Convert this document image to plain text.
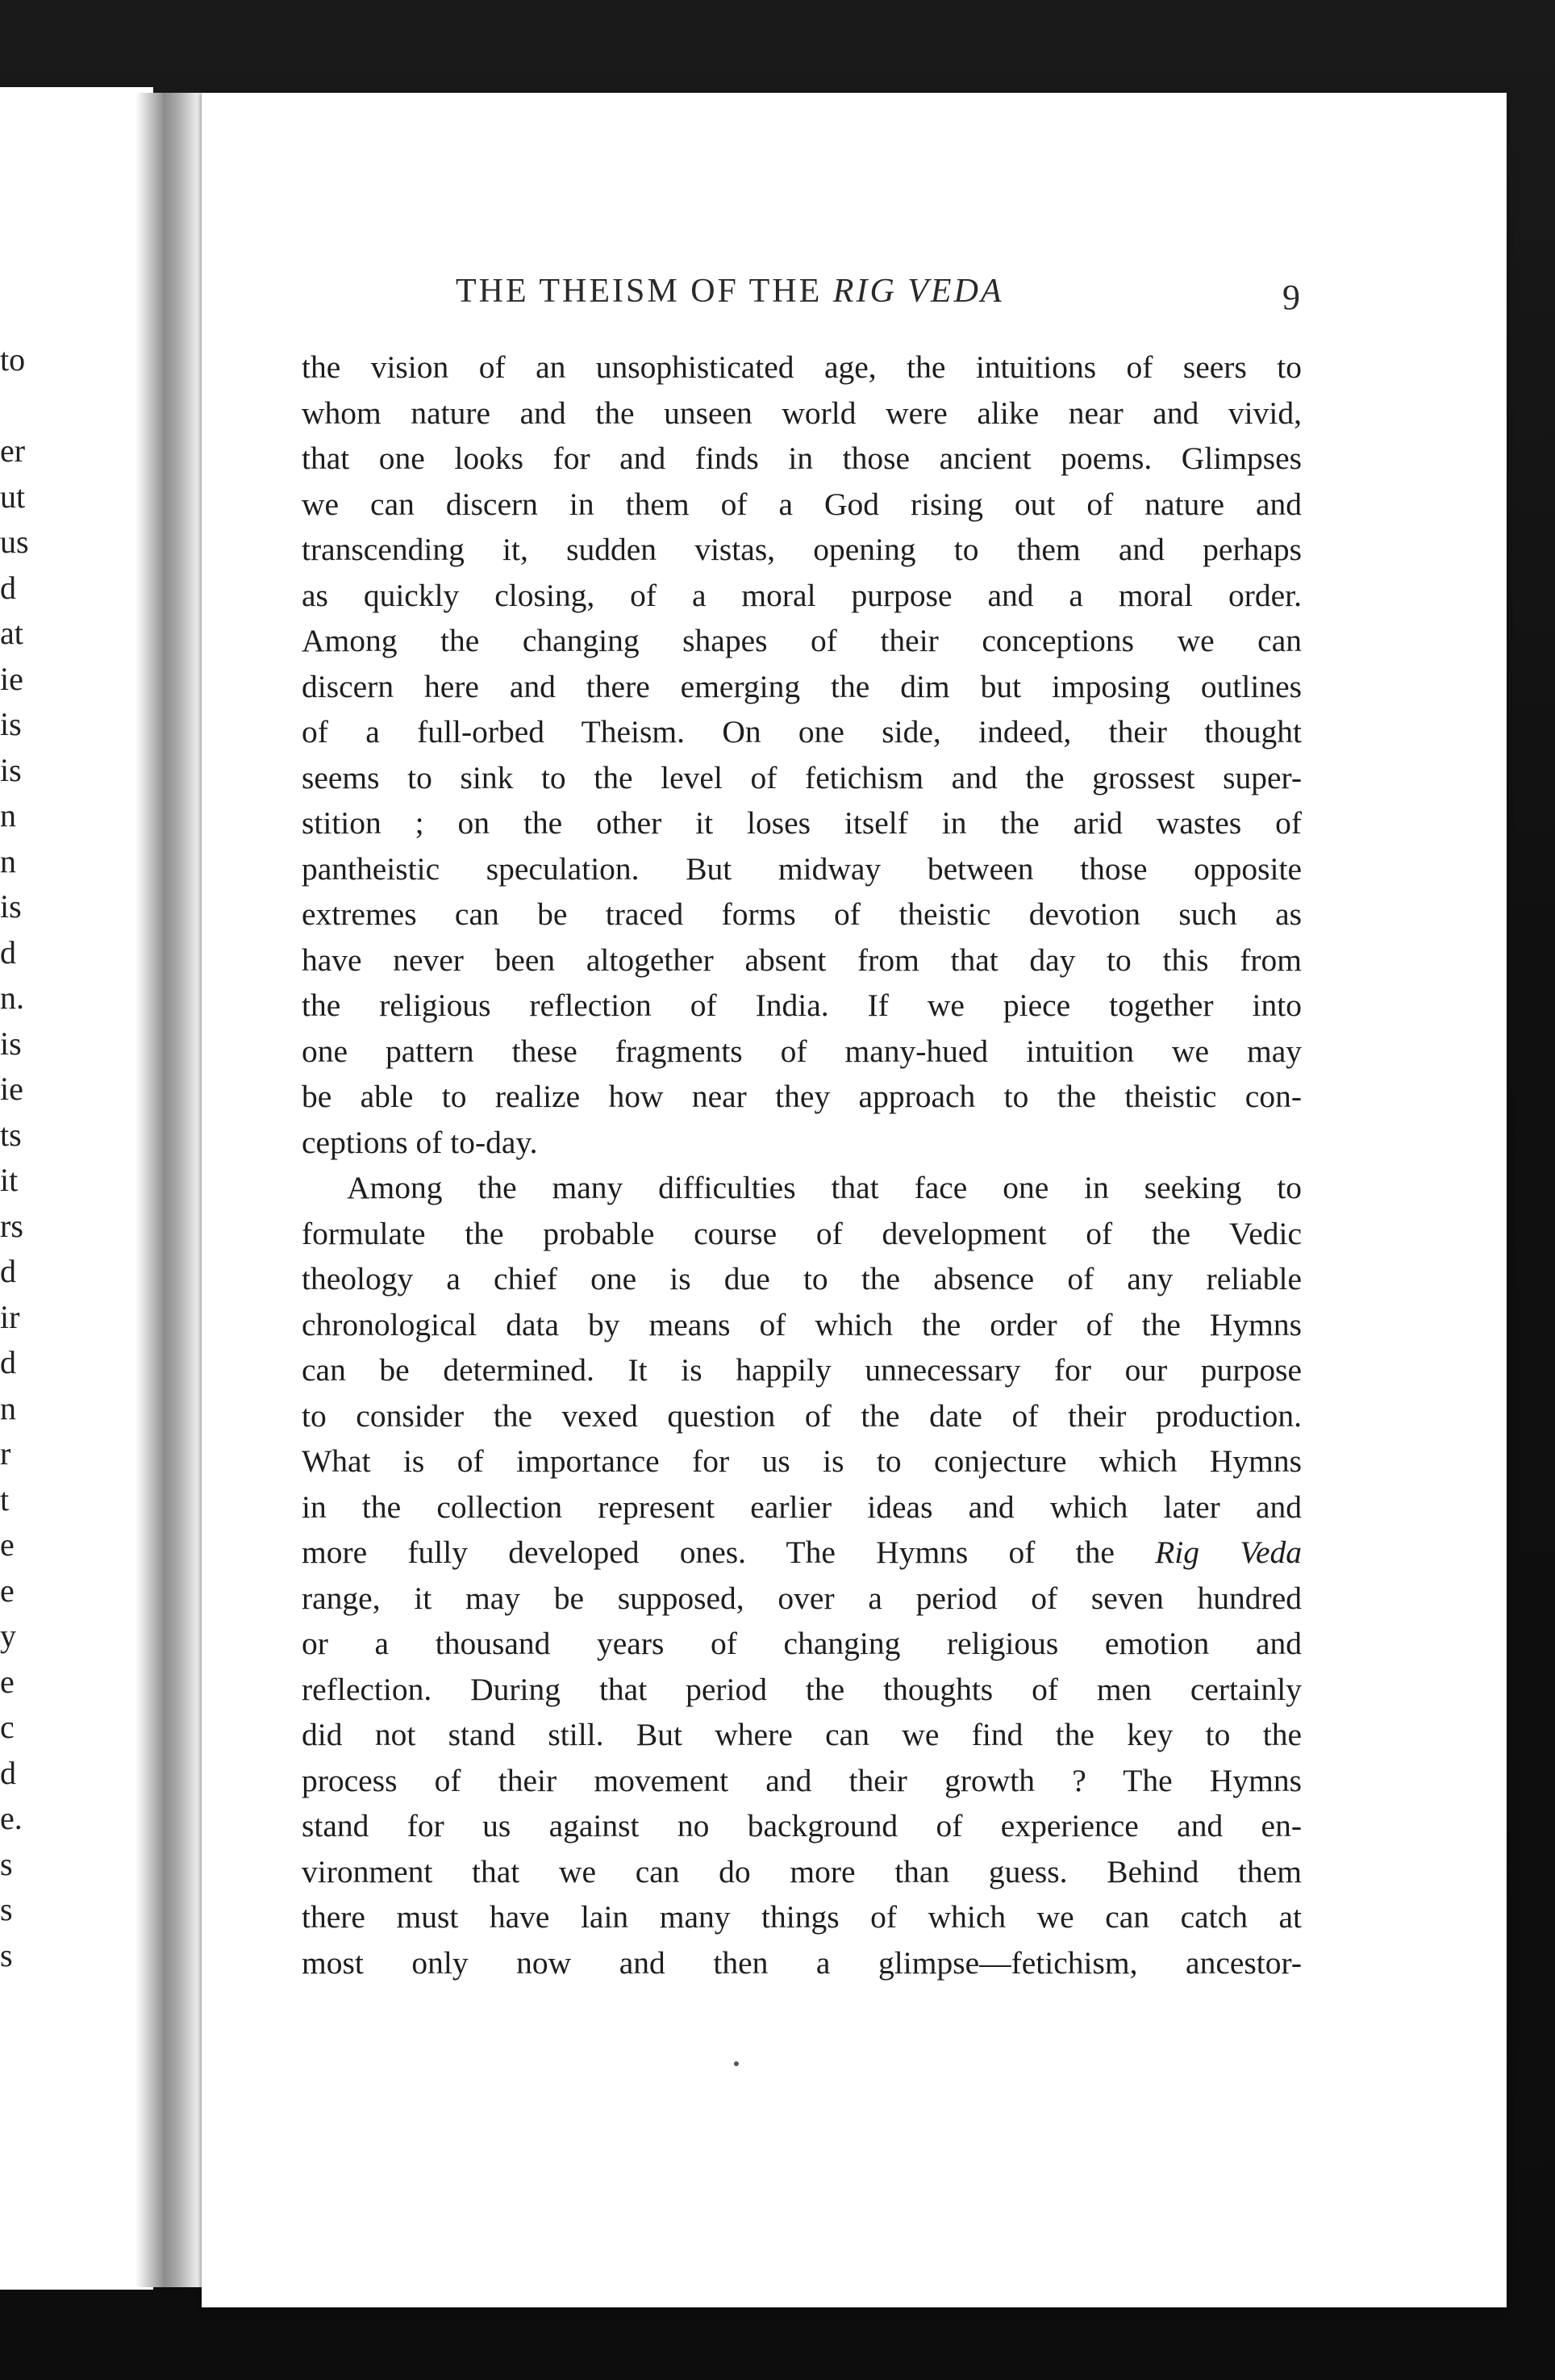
to
er
ut
us
d
at
ie
is
is
n
n
is
d
n.
is
ie
ts
it
rs
d
ir
d
n
r
t
e
e
y
e
c
d
e.
s
s
s
THE THEISM OF THE RIG VEDA	9
the vision of an unsophisticated age, the intuitions of seers to
whom nature and the unseen world were alike near and vivid,
that one looks for and finds in those ancient poems. Glimpses
we can discern in them of a God rising out of nature and
transcending it, sudden vistas, opening to them and perhaps
as quickly closing, of a moral purpose and a moral order.
Among the changing shapes of their conceptions we can
discern here and there emerging the dim but imposing outlines
of a full-orbed Theism. On one side, indeed, their thought
seems to sink to the level of fetichism and the grossest super-
stition ; on the other it loses itself in the arid wastes of
pantheistic speculation. But midway between those opposite
extremes can be traced forms of theistic devotion such as
have never been altogether absent from that day to this from
the religious reflection of India. If we piece together into
one pattern these fragments of many-hued intuition we may
be able to realize how near they approach to the theistic con-
ceptions of to-day.
Among the many difficulties that face one in seeking to
formulate the probable course of development of the Vedic
theology a chief one is due to the absence of any reliable
chronological data by means of which the order of the Hymns
can be determined. It is happily unnecessary for our purpose
to consider the vexed question of the date of their production.
What is of importance for us is to conjecture which Hymns
in the collection represent earlier ideas and which later and
more fully developed ones. The Hymns of the Rig Veda
range, it may be supposed, over a period of seven hundred
or a thousand years of changing religious emotion and
reflection. During that period the thoughts of men certainly
did not stand still. But where can we find the key to the
process of their movement and their growth ? The Hymns
stand for us against no background of experience and en-
vironment that we can do more than guess. Behind them
there must have lain many things of which we can catch at
most only now and then a glimpse—fetichism, ancestor-
